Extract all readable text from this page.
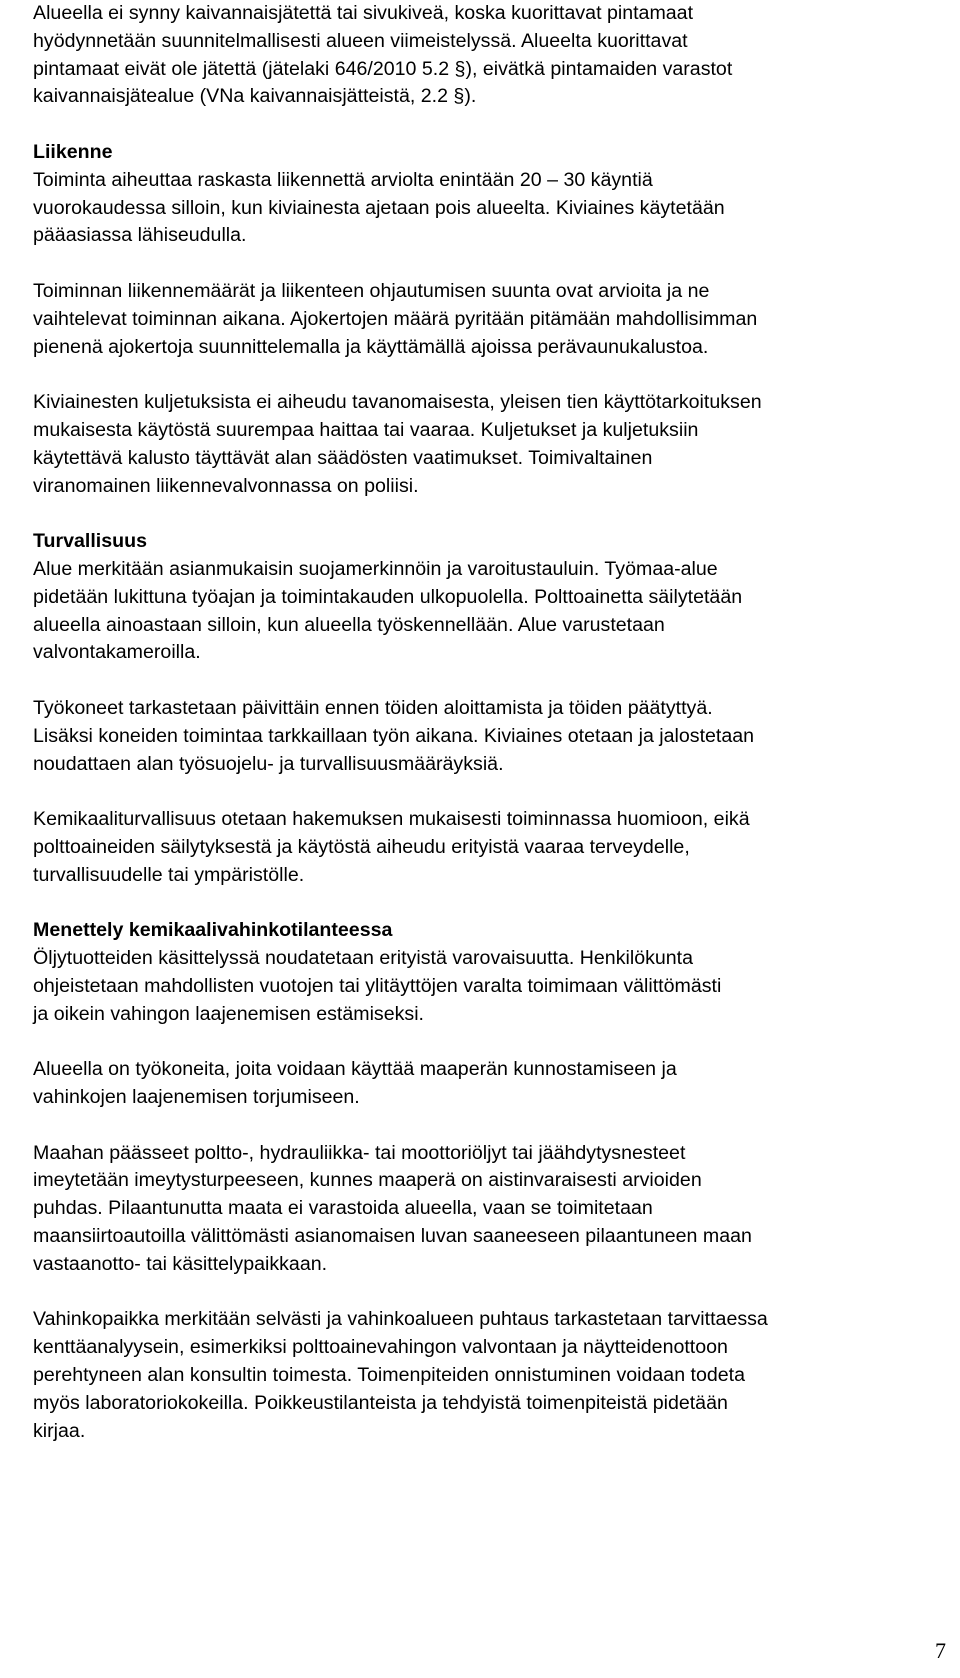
Alueella ei synny kaivannaisjätettä tai sivukiveä, koska kuorittavat pintamaat
hyödynnetään suunnitelmallisesti alueen viimeistelyssä. Alueelta kuorittavat
pintamaat eivät ole jätettä (jätelaki 646/2010 5.2 §), eivätkä pintamaiden varastot
kaivannaisjätealue (VNa kaivannaisjätteistä, 2.2 §).

Liikenne

Toiminta aiheuttaa raskasta liikennettä arviolta enintään 20 – 30 käyntiä
vuorokaudessa silloin, kun kiviainesta ajetaan pois alueelta. Kiviaines käytetään
pääasiassa lähiseudulla.

Toiminnan liikennemäärät ja liikenteen ohjautumisen suunta ovat arvioita ja ne
vaihtelevat toiminnan aikana. Ajokertojen määrä pyritään pitämään mahdollisimman
pienenä ajokertoja suunnittelemalla ja käyttämällä ajoissa perävaunukalustoa.

Kiviainesten kuljetuksista ei aiheudu tavanomaisesta, yleisen tien käyttötarkoituksen
mukaisesta käytöstä suurempaa haittaa tai vaaraa. Kuljetukset ja kuljetuksiin
käytettävä kalusto täyttävät alan säädösten vaatimukset. Toimivaltainen
viranomainen liikennevalvonnassa on poliisi.

Turvallisuus

Alue merkitään asianmukaisin suojamerkinnöin ja varoitustauluin. Työmaa-alue
pidetään lukittuna työajan ja toimintakauden ulkopuolella. Polttoainetta säilytetään
alueella ainoastaan silloin, kun alueella työskennellään. Alue varustetaan
valvontakameroilla.

Työkoneet tarkastetaan päivittäin ennen töiden aloittamista ja töiden päätyttyä.
Lisäksi koneiden toimintaa tarkkaillaan työn aikana. Kiviaines otetaan ja jalostetaan
noudattaen alan työsuojelu- ja turvallisuusmääräyksiä.

Kemikaaliturvallisuus otetaan hakemuksen mukaisesti toiminnassa huomioon, eikä
polttoaineiden säilytyksestä ja käytöstä aiheudu erityistä vaaraa terveydelle,
turvallisuudelle tai ympäristölle.

Menettely kemikaalivahinkotilanteessa

Öljytuotteiden käsittelyssä noudatetaan erityistä varovaisuutta. Henkilökunta
ohjeistetaan mahdollisten vuotojen tai ylitäyttöjen varalta toimimaan välittömästi
ja oikein vahingon laajenemisen estämiseksi.

Alueella on työkoneita, joita voidaan käyttää maaperän kunnostamiseen ja
vahinkojen laajenemisen torjumiseen.

Maahan päässeet poltto-, hydrauliikka- tai moottoriöljyt tai jäähdytysnesteet
imeytetään imeytysturpeeseen, kunnes maaperä on aistinvaraisesti arvioiden
puhdas. Pilaantunutta maata ei varastoida alueella, vaan se toimitetaan
maansiirtoautoilla välittömästi asianomaisen luvan saaneeseen pilaantuneen maan
vastaanotto- tai käsittelypaikkaan.

Vahinkopaikka merkitään selvästi ja vahinkoalueen puhtaus tarkastetaan tarvittaessa
kenttäanalyysein, esimerkiksi polttoainevahingon valvontaan ja näytteidenottoon
perehtyneen alan konsultin toimesta. Toimenpiteiden onnistuminen voidaan todeta
myös laboratoriokokeilla. Poikkeustilanteista ja tehdyistä toimenpiteistä pidetään
kirjaa.

7
